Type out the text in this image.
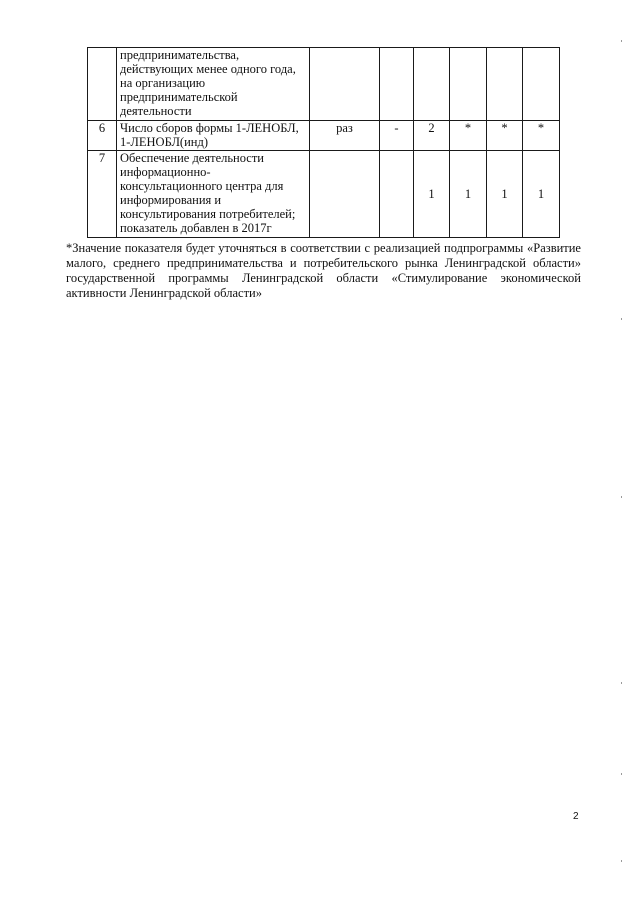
	предпринимательства, действующих менее одного года, на организацию предпринимательской деятельности						
6	Число сборов формы 1-ЛЕНОБЛ, 1-ЛЕНОБЛ(инд)	раз	-	2	*	*	*
7	Обеспечение деятельности информационно-консультационного центра для информирования и консультирования потребителей; показатель добавлен в 2017г			1	1	1	1
*Значение показателя будет уточняться в соответствии с реализацией подпрограммы «Развитие малого, среднего предпринимательства и потребительского рынка Ленинградской области» государственной программы Ленинградской области «Стимулирование экономической активности Ленинградской области»
2
